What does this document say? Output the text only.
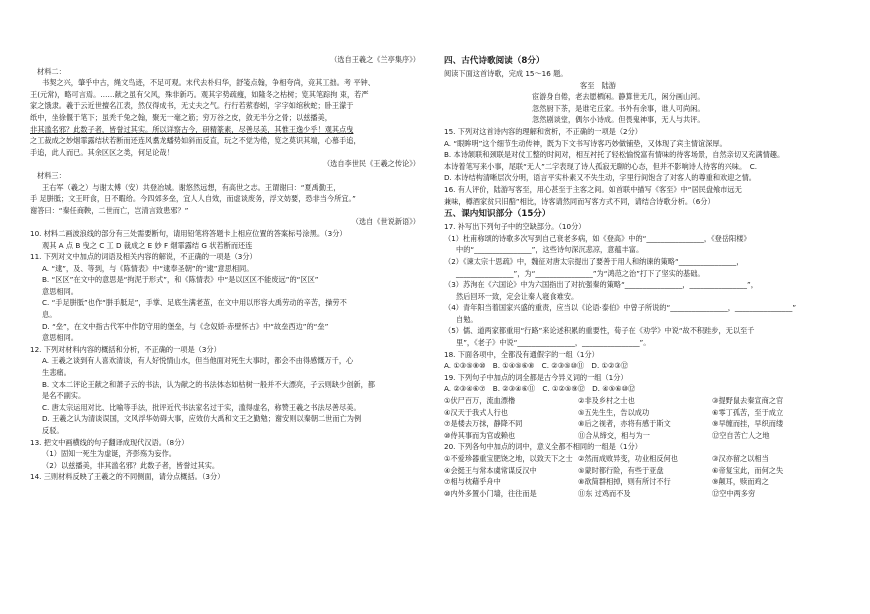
（选自王羲之《兰亭集序》）
材料二：
书契之兴，肇乎中古，绳文鸟迹，不足可观。末代去朴归华，舒笺点翰，争相夸尚，竞其工拙。考 平钟、
王(元常)，略可言焉。……献之虽有父风，殊非新巧。观其字势疏瘦，如隆冬之枯树；览其笔踪拘 束，若严
家之饿隶。羲于云近世擅名江表，然仅得成书，无丈夫之气。行行若萦春蚓，字字如绾秋蛇；卧王濛于
纸中，坐徐偃于笔下；虽秃千兔之翰，聚无一毫之筋；穷万谷之皮，敛无半分之骨；以兹播美，
非其滥名邪？此数子者，皆誉过其实。所以详察古今，研精篆素，尽善尽美，其惟王逸少乎！观其点曳
之工裁成之妙烟霏露结状若断而还连风翥龙蟠势如斜而反直，玩之不觉为倦，览之莫识其端，心慕手追，
手追，此人而已。其余区区之类，何足论哉！
（选自李世民《王羲之传论》）
材料三：
王右军（羲之）与谢太傅（安）共登冶城。谢悠然远想，有高世之志。王谓谢曰：“夏禹勤王，
手 足胼胝；文王旰食，日不暇给。今四郊多垒，宜人人自效，而虚谈废务，浮文妨要，恐非当今所宜。”
谢答曰：“秦任商鞅，二世而亡，岂清言致患邪？”
（选自《世说新语》）
10. 材料二画波浪线的部分有三处需要断句，请用铅笔将答题卡上相应位置的答案标号涂黑。（3分）
观其 A 点 B 曳之 C 工 D 裁成之 E 妙 F 烟霏露结 G 状若断而还连
11. 下列对文中加点的词语及相关内容的解说，不正确的一项是（3分）
A. “逮”，及、等到，与《陈情表》中“逮奉圣朝”的“逮”意思相同。
B. “区区”在文中的意思是“拘泥于形式”，和《陈情表》中“是以区区不能废远”的“区区”
意思相同。
C. “手足胼胝”也作“胼手胝足”，手掌、足底生满老茧，在文中用以形容大禹劳动的辛苦，操劳不
息。
D. “垒”，在文中指古代军中作防守用的堡垒，与《念奴娇·赤壁怀古》中“故垒西边”的“垒”
意思相同。
12. 下列对材料内容的概括和分析，不正确的一项是（3分）
A. 王羲之谈到有人喜欢清谈，有人好悦情山水，但当他面对死生大事时，都会不由得感慨万千，心
生悲痛。
B. 文本二评论王献之和萧子云的书法，认为献之的书法体态如枯树一般并不大漂亮，子云则缺少创新，都
是名不副实。
C. 唐太宗运用对比、比喻等手法，批评近代书法家名过于实，滥得虚名，称赞王羲之书法尽善尽美。
D. 王羲之认为清谈误国，文风浮华妨碍大事，应效仿大禹和文王之勤勉；谢安则以秦朝二世而亡为例
反驳。
13. 把文中画横线的句子翻译成现代汉语。（8分）
（1）固知一死生为虚诞，齐彭殇为妄作。
（2）以兹播美，非其滥名邪？此数子者，皆誉过其实。
14. 三则材料反映了王羲之的不同侧面，请分点概括。（3分）
四、古代诗歌阅读（8分）
阅读下面这首诗歌，完成 15～16 题。
客至　陆游
宦游身自倦，老去愿栖闲。静算世无几，闲分画山河。
忽然厨下茶，是谁宅丘家。书外有余事，谁人可尚闲。
忽然剧谈堂，偶尔小诗成。但畏鬼神事，无人与共评。
15. 下列对这首诗内容的理解和赏析，不正确的一项是（2分）
A. “眼眸明”这个细节生动传神，既为下文书写诗客巧妙做铺垫，又体现了宾主情谊深厚。
B. 本诗颔联和颈联是对仗工整的时间对，相互衬托了轻松愉悦富有情味的待客场景，自然亲切又充满情趣。
本诗着笔写来小事，尾联“无人”二字表现了诗人孤寂无聊的心态，但并不影响诗人待客的兴味。　C.
D. 本诗结构清晰层次分明，语言平实朴素又不失生动，字里行间饱含了对客人的尊重和欢迎之情。
16. 有人评价，陆游写客至，用心甚至于主客之间。如首联中描写《客至》中“居民盘飧市远无
兼味，樽酒家贫只旧醅”相比，诗客请然同而写客方式不同，请结合诗歌分析。（6分）
五、课内知识部分（15分）
17. 补写出下列句子中的空缺部分。（10分）
（1）杜甫称颂的诗歌多次写到自己衰老多病，如《登高》中的“________________，《登岳阳楼》
中的“________________”，这些诗句深沉悲凉，意蕴丰富。
（2）《谏太宗十思疏》中，魏征对唐太宗提出了要善于用人和纳谏的策略“________________，
________________”，为“________________”为“鸿范之治”打下了坚实的基础。
（3）苏洵在《六国论》中为六国指出了对抗强秦的策略“________________，________________”，
然后回环一致，定会让秦人寝食难安。
（4）青年阳当着国家兴盛的重责，应当以《论语·泰伯》中曾子所说的“________________，________________”
自勉。
（5）儒、道两家都重用“行路”来论述积累的重要性，荀子在《劝学》中说“故不积跬步，无以至千
里”，《老子》中说“________________，________________”。
18. 下面各项中，全都没有通假字的一组（1分）
A. ①③⑤⑧⑩　B. ①④⑤⑥⑧　C. ②③⑤⑩⑪　D. ①②③⑫
19. 下列句子中加点的词全都是古今异义词的一组（1分）
A. ②③④⑥⑦　B. ②③④⑥⑪　C. ①②⑤⑨⑫　D. ④⑤⑥⑩⑫
①伏尸百万，流血漂橹	②非及乡村之士也	③提野鼠去秦宣商之官
④汉天于我式人行也	⑤五先生生，告以成功	⑥零丁孤苦，至于成立
⑦是楼去万抹，静降不同	⑧后之视者，亦将有感于斯文	⑨早缠而挂，早织而缕
⑩侍其事而为官或赖也	⑪合从缔交，相与为一	⑫空自苦亡人之地
20. 下列各句中加点的词中，意义全都不相同的一组是（1分）
①不爱珍器重宝肥饶之地，以致天下之士 ②然而成败异变，功业相反何也	③汉亦留之以相当
④会挺王与常本虞常谋反汉中	⑤蒙时都行险，有些于亚盘	⑥帝复宝此，而何之失
⑦相与枕藉乎舟中	⑧欲简群相掉，则有所讨不行	⑨颠耳，赎而鸡之
⑩内外多置小门墙，往往而是	⑪东 过鸡而不及	⑫空中两多穷
